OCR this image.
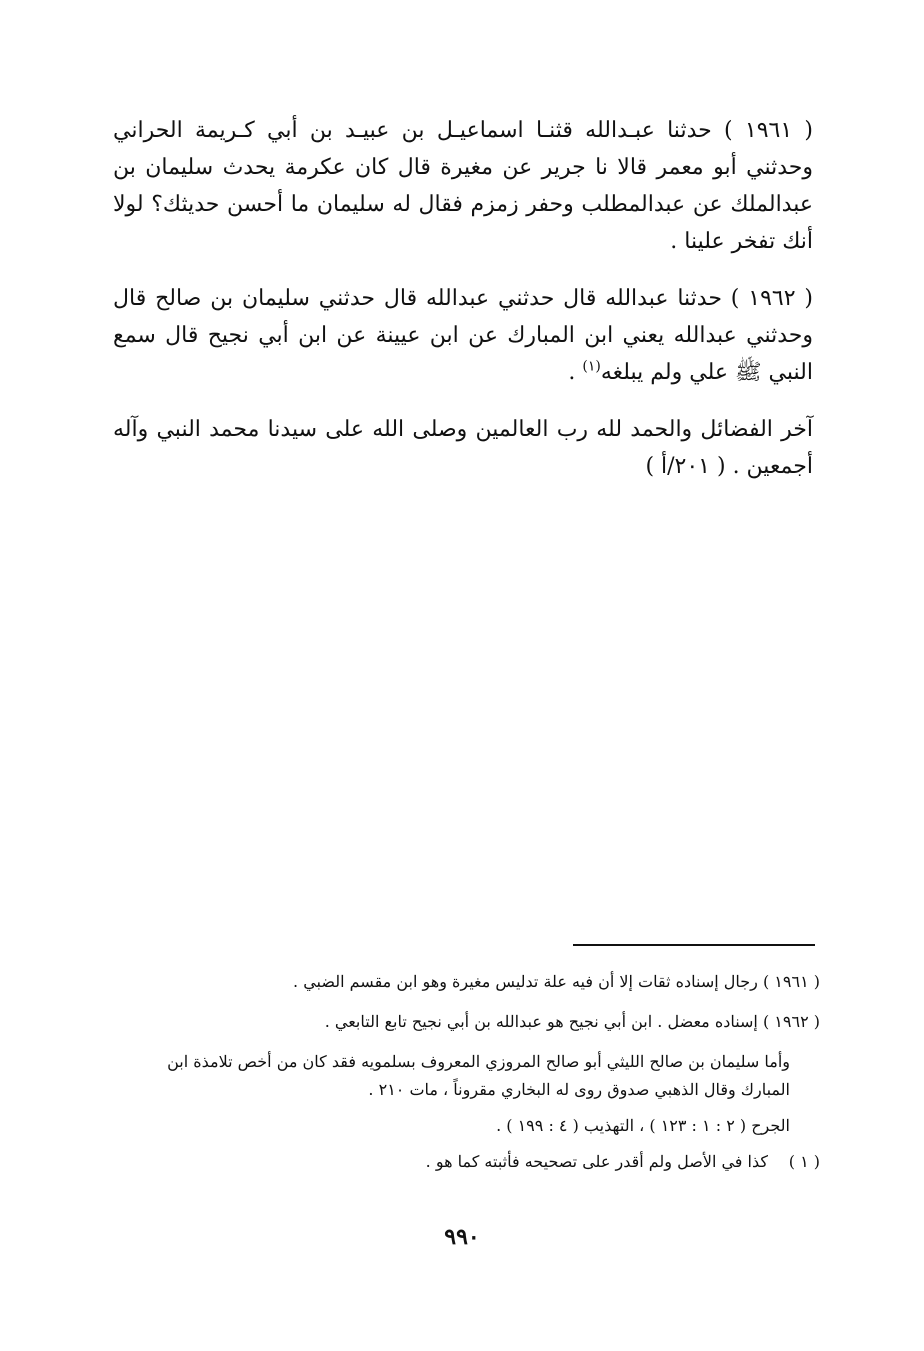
( ١٩٦١ ) حدثنا عبـدالله قثنـا اسماعيـل بن عبيـد بن أبي كـريمة الحراني وحدثني أبو معمر قالا نا جرير عن مغيرة قال كان عكرمة يحدث سليمان بن عبدالملك عن عبدالمطلب وحفر زمزم فقال له سليمان ما أحسن حديثك؟ لولا أنك تفخر علينا .

( ١٩٦٢ ) حدثنا عبدالله قال حدثني عبدالله قال حدثني سليمان بن صالح قال وحدثني عبدالله يعني ابن المبارك عن ابن عيينة عن ابن أبي نجيح قال سمع النبي ﷺ علي ولم يبلغه$^{(١)}$ .

آخر الفضائل والحمد لله رب العالمين وصلى الله على سيدنا محمد النبي وآله أجمعين . ( ٢٠١/أ )

( ١٩٦١ ) رجال إسناده ثقات إلا أن فيه علة تدليس مغيرة وهو ابن مقسم الضبي .

( ١٩٦٢ ) إسناده معضل . ابن أبي نجيح هو عبدالله بن أبي نجيح تابع التابعي .

وأما سليمان بن صالح الليثي أبو صالح المروزي المعروف بسلمويه فقد كان من أخص تلامذة ابن المبارك وقال الذهبي صدوق روى له البخاري مقروناً ، مات ٢١٠ .

الجرح ( ٢ : ١ : ١٢٣ ) ، التهذيب ( ٤ : ١٩٩ ) .

( ١ )
كذا في الأصل ولم أقدر على تصحيحه فأثبته كما هو .
٩٩٠
